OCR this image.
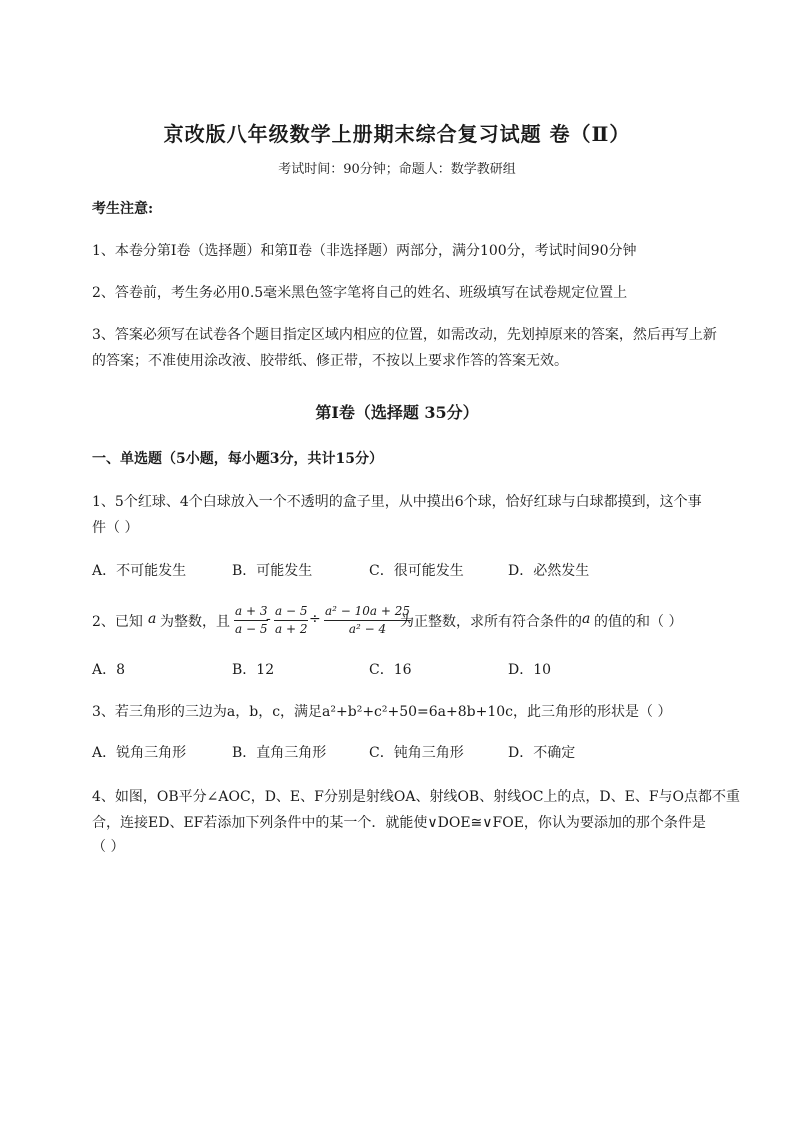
京改版八年级数学上册期末综合复习试题 卷（Ⅱ）
考试时间：90分钟；命题人：数学教研组
考生注意:
1、本卷分第I卷（选择题）和第Ⅱ卷（非选择题）两部分，满分100分，考试时间90分钟
2、答卷前，考生务必用0.5毫米黑色签字笔将自己的姓名、班级填写在试卷规定位置上
3、答案必须写在试卷各个题目指定区域内相应的位置，如需改动，先划掉原来的答案，然后再写上新
的答案；不准使用涂改液、胶带纸、修正带，不按以上要求作答的答案无效。
第I卷（选择题 35分）
一、单选题（5小题，每小题3分，共计15分）
1、5个红球、4个白球放入一个不透明的盒子里，从中摸出6个球，恰好红球与白球都摸到，这个事
件（ ）
A．不可能发生	B．可能发生	C．很可能发生	D．必然发生
2、已知 a 为整数，且 $\frac{a + 3}{a - 5}$
- $\frac{a - 5}{a + 2} \div \frac{\text{a² − 10a + 25}}{\text{a² − 4}}$
为正整数，求所有符合条件的 a 的值的和（ ）
A．8	B．12	C．16	D．10
3、若三角形的三边为a，b，c，满足a²+b²+c²+50=6a+8b+10c，此三角形的形状是（ ）
A．锐角三角形	B．直角三角形	C．钝角三角形	D．不确定
4、如图，OB平分∠AOC，D、E、F分别是射线OA、射线OB、射线OC上的点，D、E、F与O点都不重
合，连接ED、EF若添加下列条件中的某一个．就能使∨DOE≅∨FOE，你认为要添加的那个条件是
（ ）
